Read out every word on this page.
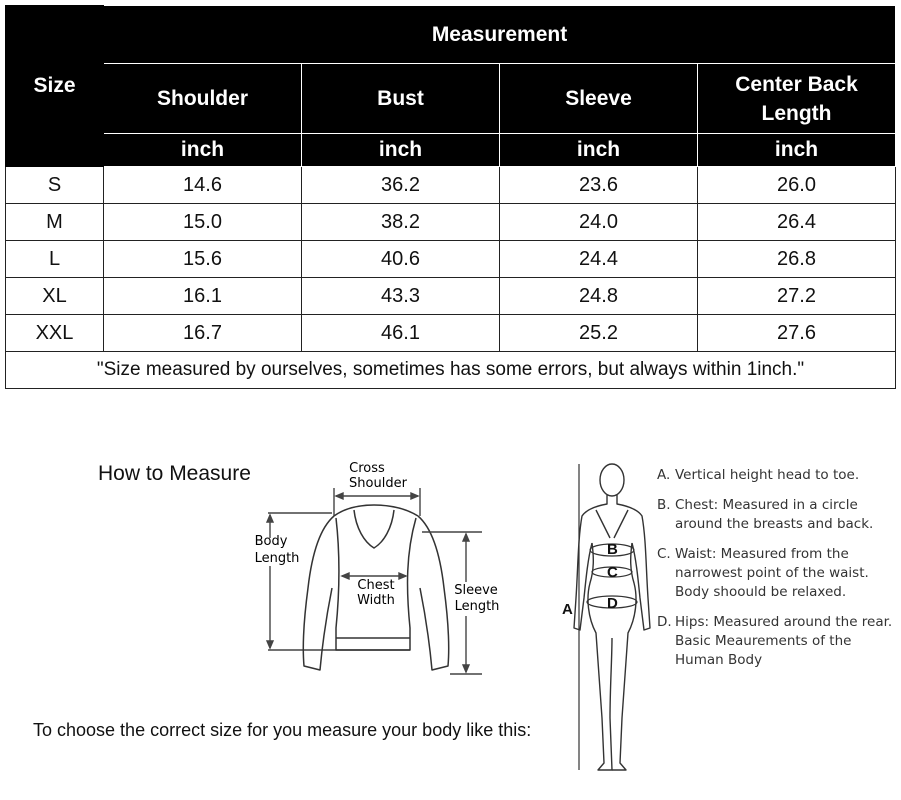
Size	Measurement			
	Shoulder	Bust	Sleeve	Center Back Length
	inch	inch	inch	inch
S	14.6	36.2	23.6	26.0
M	15.0	38.2	24.0	26.4
L	15.6	40.6	24.4	26.8
XL	16.1	43.3	24.8	27.2
XXL	16.7	46.1	25.2	27.6
"Size measured by ourselves, sometimes has some errors, but always within 1inch."				
How to Measure	Cross
Shoulder
Body
Length
Chest
Width
Sleeve
Length
To choose the correct size for you measure your body like this:
B
C
D
A
A. Vertical height head to toe.
B. Chest: Measured in a circle around the breasts and back.
C. Waist: Measured from the narrowest point of the waist. Body shoould be relaxed.
D. Hips: Measured around the rear. Basic Meaurements of the Human Body
